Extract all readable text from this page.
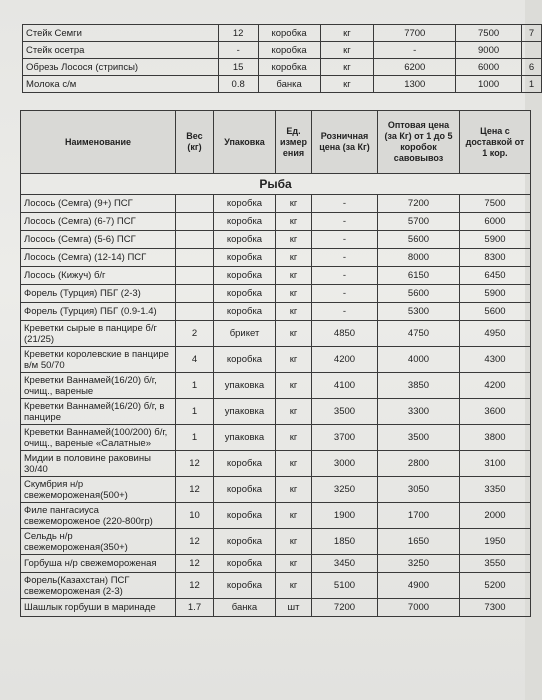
Стейк Семги	12	коробка	кг	7700	7500	7
Стейк осетра	-	коробка	кг	-	9000	
Обрезь Лосося (стрипсы)	15	коробка	кг	6200	6000	6
Молока с/м	0.8	банка	кг	1300	1000	1
Наименование	Вес (кг)	Упаковка	Ед. измер ения	Розничная цена (за Кг)	Оптовая цена (за Кг) от 1 до 5 коробок савовывоз	Цена с доставкой от 1 кор.
Рыба						
Лосось (Семга) (9+) ПСГ		коробка	кг	-	7200	7500
Лосось (Семга) (6-7) ПСГ		коробка	кг	-	5700	6000
Лосось (Семга) (5-6) ПСГ		коробка	кг	-	5600	5900
Лосось (Семга) (12-14) ПСГ		коробка	кг	-	8000	8300
Лосось (Кижуч) б/г		коробка	кг	-	6150	6450
Форель (Турция) ПБГ (2-3)		коробка	кг	-	5600	5900
Форель (Турция) ПБГ (0.9-1.4)		коробка	кг	-	5300	5600
Креветки сырые в панцире б/г (21/25)	2	брикет	кг	4850	4750	4950
Креветки королевские в панцире в/м 50/70	4	коробка	кг	4200	4000	4300
Креветки Ваннамей(16/20) б/г, очищ., вареные	1	упаковка	кг	4100	3850	4200
Креветки Ваннамей(16/20) б/г, в панцире	1	упаковка	кг	3500	3300	3600
Креветки Ваннамей(100/200) б/г, очищ., вареные «Салатные»	1	упаковка	кг	3700	3500	3800
Мидии в половине раковины 30/40	12	коробка	кг	3000	2800	3100
Скумбрия н/р свежемороженая(500+)	12	коробка	кг	3250	3050	3350
Филе пангасиуса свежемороженое (220-800гр)	10	коробка	кг	1900	1700	2000
Сельдь н/р свежемороженая(350+)	12	коробка	кг	1850	1650	1950
Горбуша н/р свежемороженая	12	коробка	кг	3450	3250	3550
Форель(Казахстан) ПСГ свежемороженая (2-3)	12	коробка	кг	5100	4900	5200
Шашлык горбуши в маринаде	1.7	банка	шт	7200	7000	7300
